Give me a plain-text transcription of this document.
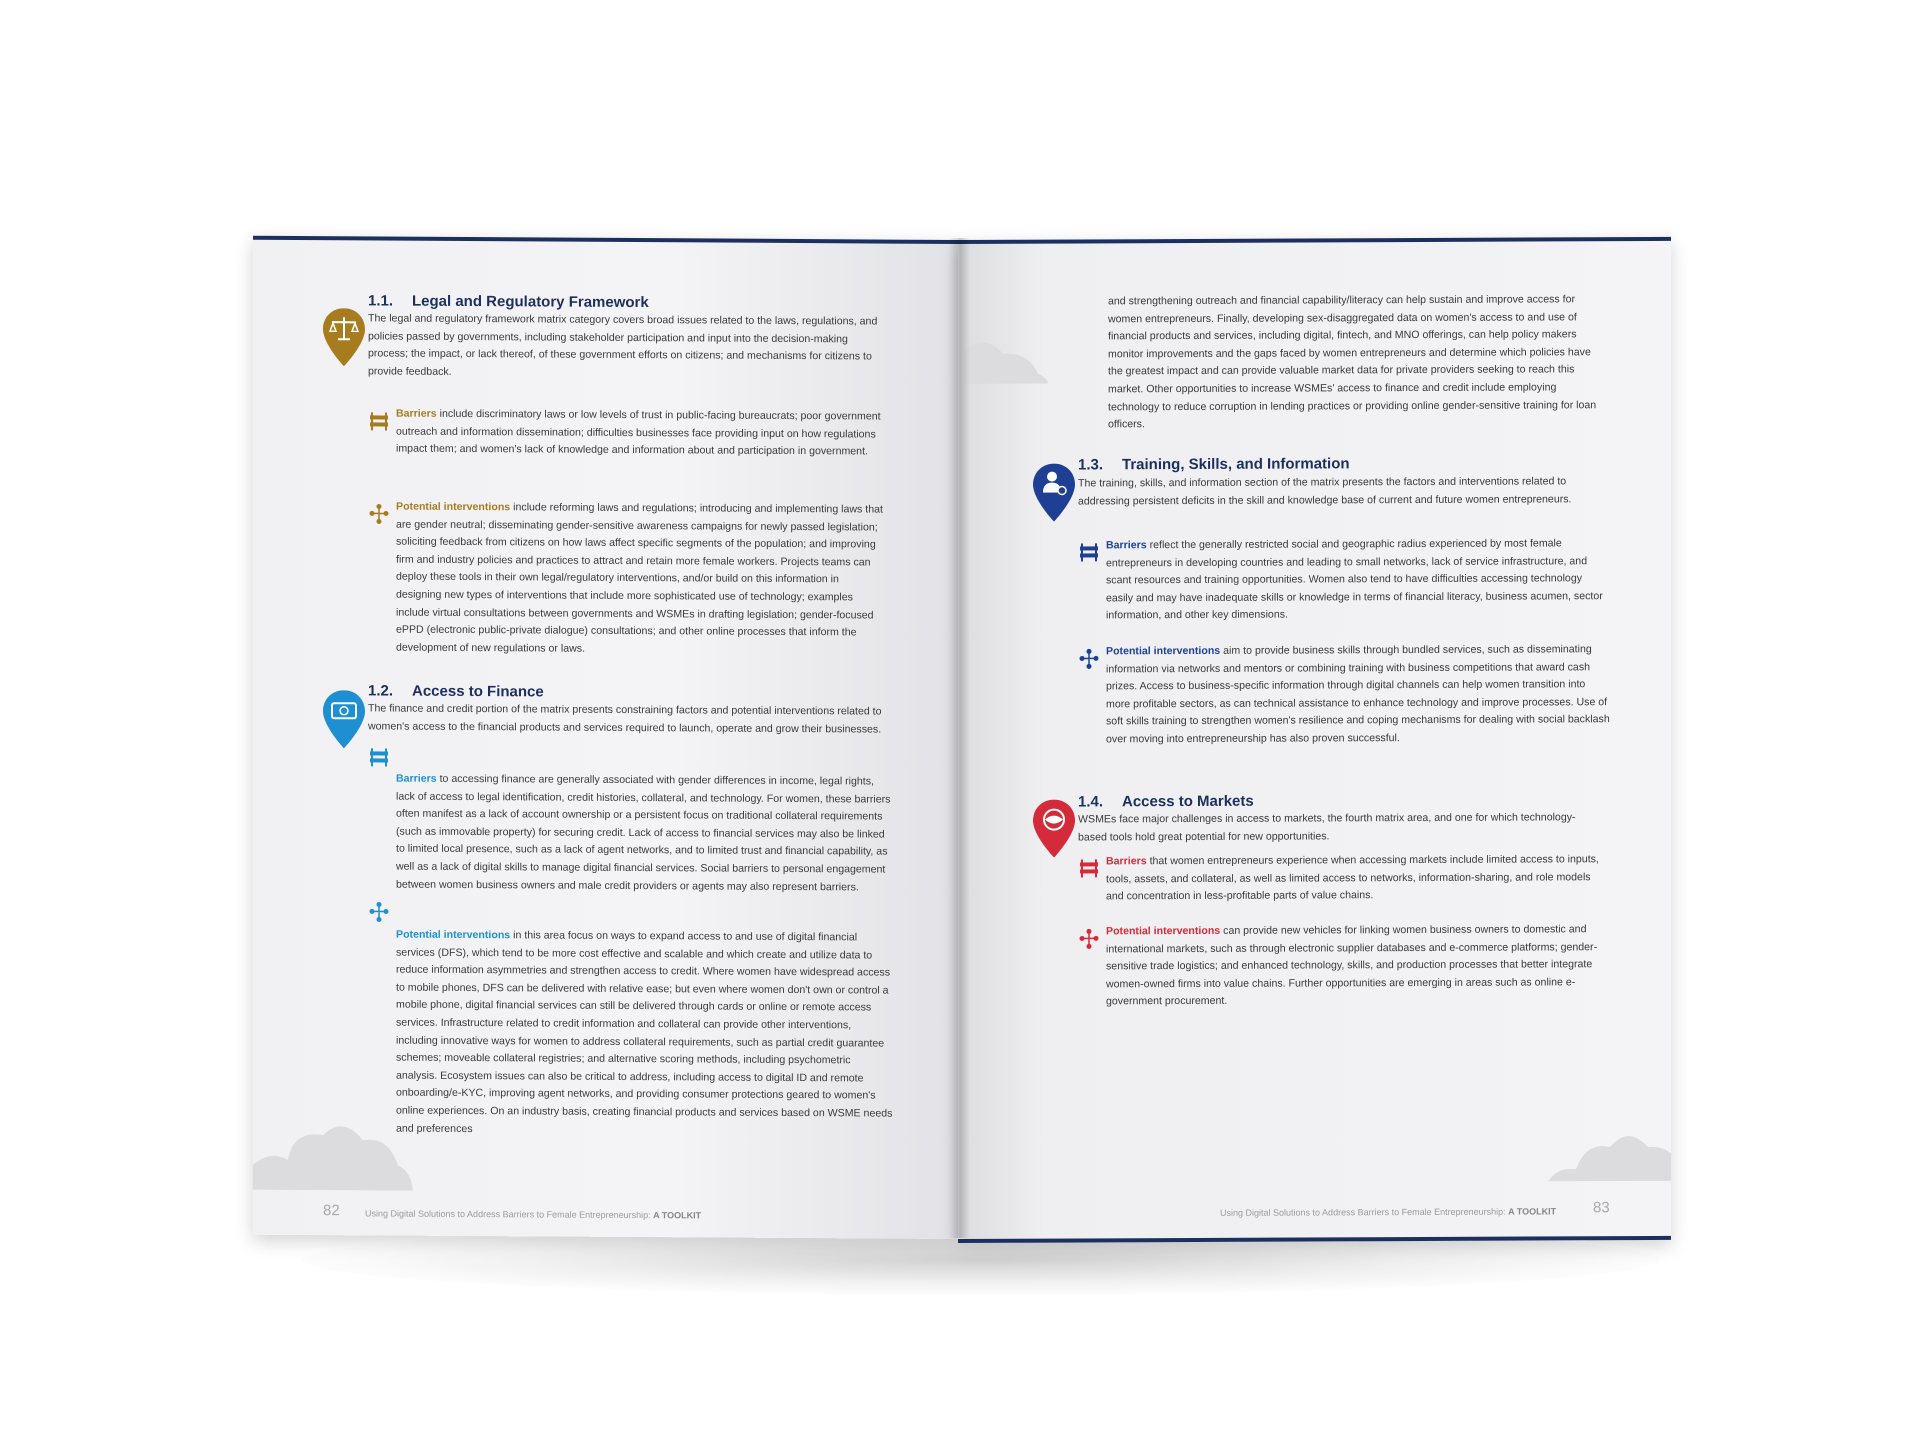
1.1. Legal and Regulatory Framework
The legal and regulatory framework matrix category covers broad issues related to the laws, regulations, and policies passed by governments, including stakeholder participation and input into the decision-making process; the impact, or lack thereof, of these government efforts on citizens; and mechanisms for citizens to provide feedback.
Barriers include discriminatory laws or low levels of trust in public-facing bureaucrats; poor government outreach and information dissemination; difficulties businesses face providing input on how regulations impact them; and women's lack of knowledge and information about and participation in government.
Potential interventions include reforming laws and regulations; introducing and implementing laws that are gender neutral; disseminating gender-sensitive awareness campaigns for newly passed legislation; soliciting feedback from citizens on how laws affect specific segments of the population; and improving firm and industry policies and practices to attract and retain more female workers. Projects teams can deploy these tools in their own legal/regulatory interventions, and/or build on this information in designing new types of interventions that include more sophisticated use of technology; examples include virtual consultations between governments and WSMEs in drafting legislation; gender-focused ePPD (electronic public-private dialogue) consultations; and other online processes that inform the development of new regulations or laws.
1.2. Access to Finance
The finance and credit portion of the matrix presents constraining factors and potential interventions related to women's access to the financial products and services required to launch, operate and grow their businesses.
Barriers to accessing finance are generally associated with gender differences in income, legal rights, lack of access to legal identification, credit histories, collateral, and technology. For women, these barriers often manifest as a lack of account ownership or a persistent focus on traditional collateral requirements (such as immovable property) for securing credit. Lack of access to financial services may also be linked to limited local presence, such as a lack of agent networks, and to limited trust and financial capability, as well as a lack of digital skills to manage digital financial services. Social barriers to personal engagement between women business owners and male credit providers or agents may also represent barriers.
Potential interventions in this area focus on ways to expand access to and use of digital financial services (DFS), which tend to be more cost effective and scalable and which create and utilize data to reduce information asymmetries and strengthen access to credit. Where women have widespread access to mobile phones, DFS can be delivered with relative ease; but even where women don't own or control a mobile phone, digital financial services can still be delivered through cards or online or remote access services. Infrastructure related to credit information and collateral can provide other interventions, including innovative ways for women to address collateral requirements, such as partial credit guarantee schemes; moveable collateral registries; and alternative scoring methods, including psychometric analysis. Ecosystem issues can also be critical to address, including access to digital ID and remote onboarding/e-KYC, improving agent networks, and providing consumer protections geared to women's online experiences. On an industry basis, creating financial products and services based on WSME needs and preferences
82	Using Digital Solutions to Address Barriers to Female Entrepreneurship: A TOOLKIT
and strengthening outreach and financial capability/literacy can help sustain and improve access for women entrepreneurs. Finally, developing sex-disaggregated data on women's access to and use of financial products and services, including digital, fintech, and MNO offerings, can help policy makers monitor improvements and the gaps faced by women entrepreneurs and determine which policies have the greatest impact and can provide valuable market data for private providers seeking to reach this market. Other opportunities to increase WSMEs' access to finance and credit include employing technology to reduce corruption in lending practices or providing online gender-sensitive training for loan officers.
1.3. Training, Skills, and Information
The training, skills, and information section of the matrix presents the factors and interventions related to addressing persistent deficits in the skill and knowledge base of current and future women entrepreneurs.
Barriers reflect the generally restricted social and geographic radius experienced by most female entrepreneurs in developing countries and leading to small networks, lack of service infrastructure, and scant resources and training opportunities. Women also tend to have difficulties accessing technology easily and may have inadequate skills or knowledge in terms of financial literacy, business acumen, sector information, and other key dimensions.
Potential interventions aim to provide business skills through bundled services, such as disseminating information via networks and mentors or combining training with business competitions that award cash prizes. Access to business-specific information through digital channels can help women transition into more profitable sectors, as can technical assistance to enhance technology and improve processes. Use of soft skills training to strengthen women's resilience and coping mechanisms for dealing with social backlash over moving into entrepreneurship has also proven successful.
1.4. Access to Markets
WSMEs face major challenges in access to markets, the fourth matrix area, and one for which technology-based tools hold great potential for new opportunities.
Barriers that women entrepreneurs experience when accessing markets include limited access to inputs, tools, assets, and collateral, as well as limited access to networks, information-sharing, and role models and concentration in less-profitable parts of value chains.
Potential interventions can provide new vehicles for linking women business owners to domestic and international markets, such as through electronic supplier databases and e-commerce platforms; gender-sensitive trade logistics; and enhanced technology, skills, and production processes that better integrate women-owned firms into value chains. Further opportunities are emerging in areas such as online e-government procurement.
Using Digital Solutions to Address Barriers to Female Entrepreneurship: A TOOLKIT 83
